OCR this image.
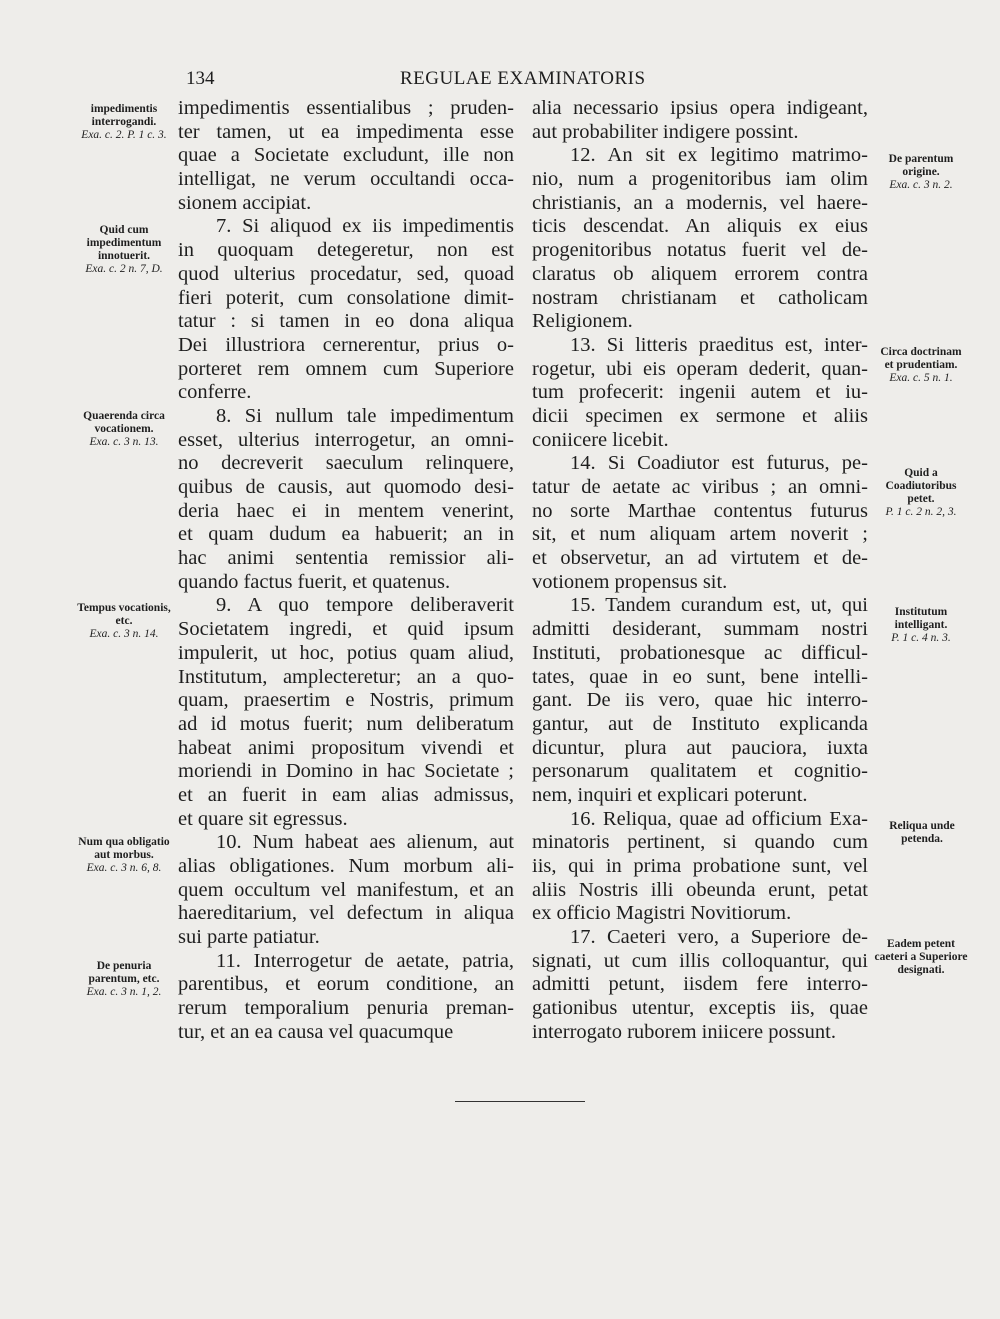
134	REGULAE EXAMINATORIS
impedimentis essentialibus ; pruden-
ter tamen, ut ea impedimenta esse
quae a Societate excludunt, ille non
intelligat, ne verum occultandi occa-
sionem accipiat.
7. Si aliquod ex iis impedimentis
in quoquam detegeretur, non est
quod ulterius procedatur, sed, quoad
fieri poterit, cum consolatione dimit-
tatur : si tamen in eo dona aliqua
Dei illustriora cernerentur, prius o-
porteret rem omnem cum Superiore
conferre.
8. Si nullum tale impedimentum
esset, ulterius interrogetur, an omni-
no decreverit saeculum relinquere,
quibus de causis, aut quomodo desi-
deria haec ei in mentem venerint,
et quam dudum ea habuerit; an in
hac animi sententia remissior ali-
quando factus fuerit, et quatenus.
9. A quo tempore deliberaverit
Societatem ingredi, et quid ipsum
impulerit, ut hoc, potius quam aliud,
Institutum, amplecteretur; an a quo-
quam, praesertim e Nostris, primum
ad id motus fuerit; num deliberatum
habeat animi propositum vivendi et
moriendi in Domino in hac Societate ;
et an fuerit in eam alias admissus,
et quare sit egressus.
10. Num habeat aes alienum, aut
alias obligationes. Num morbum ali-
quem occultum vel manifestum, et an
haereditarium, vel defectum in aliqua
sui parte patiatur.
11. Interrogetur de aetate, patria,
parentibus, et eorum conditione, an
rerum temporalium penuria preman-
tur, et an ea causa vel quacumque
alia necessario ipsius opera indigeant,
aut probabiliter indigere possint.
12. An sit ex legitimo matrimo-
nio, num a progenitoribus iam olim
christianis, an a modernis, vel haere-
ticis descendat. An aliquis ex eius
progenitoribus notatus fuerit vel de-
claratus ob aliquem errorem contra
nostram christianam et catholicam
Religionem.
13. Si litteris praeditus est, inter-
rogetur, ubi eis operam dederit, quan-
tum profecerit: ingenii autem et iu-
dicii specimen ex sermone et aliis
coniicere licebit.
14. Si Coadiutor est futurus, pe-
tatur de aetate ac viribus ; an omni-
no sorte Marthae contentus futurus
sit, et num aliquam artem noverit ;
et observetur, an ad virtutem et de-
votionem propensus sit.
15. Tandem curandum est, ut, qui
admitti desiderant, summam nostri
Instituti, probationesque ac difficul-
tates, quae in eo sunt, bene intelli-
gant. De iis vero, quae hic interro-
gantur, aut de Instituto explicanda
dicuntur, plura aut pauciora, iuxta
personarum qualitatem et cognitio-
nem, inquiri et explicari poterunt.
16. Reliqua, quae ad officium Exa-
minatoris pertinent, si quando cum
iis, qui in prima probatione sunt, vel
aliis Nostris illi obeunda erunt, petat
ex officio Magistri Novitiorum.
17. Caeteri vero, a Superiore de-
signati, ut cum illis colloquantur, qui
admitti petunt, iisdem fere interro-
gationibus utentur, exceptis iis, quae
interrogato ruborem iniicere possunt.
impedimentis interrogandi.
Exa. c. 2. P. 1 c. 3.
Quid cum impedimentum innotuerit.
Exa. c. 2 n. 7, D.
Quaerenda circa vocationem.
Exa. c. 3 n. 13.
Tempus vocationis, etc.
Exa. c. 3 n. 14.
Num qua obligatio aut morbus.
Exa. c. 3 n. 6, 8.
De penuria parentum, etc.
Exa. c. 3 n. 1, 2.
De parentum origine.
Exa. c. 3 n. 2.
Circa doctrinam et prudentiam.
Exa. c. 5 n. 1.
Quid a Coadiutoribus petet.
P. 1 c. 2 n. 2, 3.
Institutum intelligant.
P. 1 c. 4 n. 3.
Reliqua unde petenda.
Eadem petent caeteri a Superiore designati.
